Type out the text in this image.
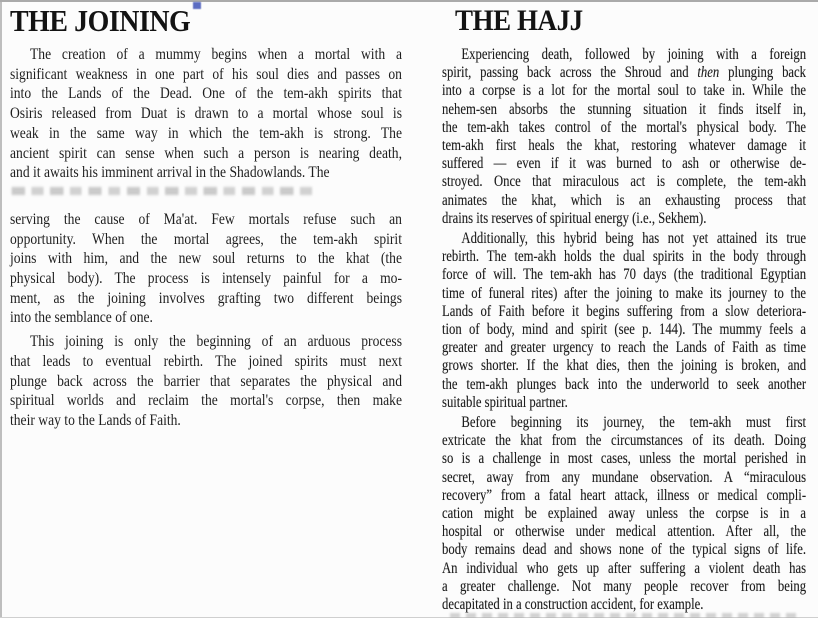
THE JOINING
The creation of a mummy begins when a mortal with a
significant weakness in one part of his soul dies and passes on
into the Lands of the Dead. One of the tem-akh spirits that
Osiris released from Duat is drawn to a mortal whose soul is
weak in the same way in which the tem-akh is strong. The
ancient spirit can sense when such a person is nearing death,
and it awaits his imminent arrival in the Shadowlands. The
serving the cause of Ma'at. Few mortals refuse such an
opportunity. When the mortal agrees, the tem-akh spirit
joins with him, and the new soul returns to the khat (the
physical body). The process is intensely painful for a mo-
ment, as the joining involves grafting two different beings
into the semblance of one.
This joining is only the beginning of an arduous process
that leads to eventual rebirth. The joined spirits must next
plunge back across the barrier that separates the physical and
spiritual worlds and reclaim the mortal's corpse, then make
their way to the Lands of Faith.
THE HAJJ
Experiencing death, followed by joining with a foreign
spirit, passing back across the Shroud and then plunging back
into a corpse is a lot for the mortal soul to take in. While the
nehem-sen absorbs the stunning situation it finds itself in,
the tem-akh takes control of the mortal's physical body. The
tem-akh first heals the khat, restoring whatever damage it
suffered — even if it was burned to ash or otherwise de-
stroyed. Once that miraculous act is complete, the tem-akh
animates the khat, which is an exhausting process that
drains its reserves of spiritual energy (i.e., Sekhem).
Additionally, this hybrid being has not yet attained its true
rebirth. The tem-akh holds the dual spirits in the body through
force of will. The tem-akh has 70 days (the traditional Egyptian
time of funeral rites) after the joining to make its journey to the
Lands of Faith before it begins suffering from a slow deteriora-
tion of body, mind and spirit (see p. 144). The mummy feels a
greater and greater urgency to reach the Lands of Faith as time
grows shorter. If the khat dies, then the joining is broken, and
the tem-akh plunges back into the underworld to seek another
suitable spiritual partner.
Before beginning its journey, the tem-akh must first
extricate the khat from the circumstances of its death. Doing
so is a challenge in most cases, unless the mortal perished in
secret, away from any mundane observation. A “miraculous
recovery” from a fatal heart attack, illness or medical compli-
cation might be explained away unless the corpse is in a
hospital or otherwise under medical attention. After all, the
body remains dead and shows none of the typical signs of life.
An individual who gets up after suffering a violent death has
a greater challenge. Not many people recover from being
decapitated in a construction accident, for example.
